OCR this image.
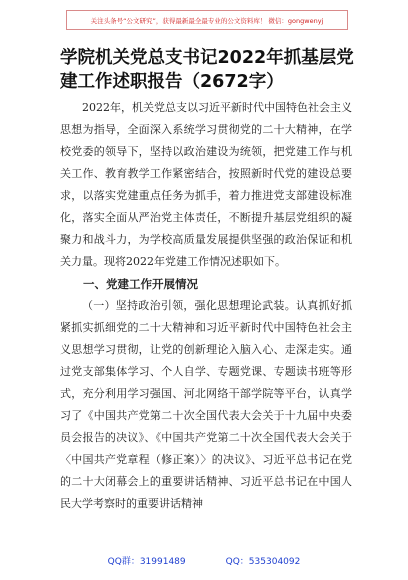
关注头条号“公文研究”，获得最新最全最专业的公文资料库！ 微信：gongwenyj
学院机关党总支书记2022年抓基层党建工作述职报告（2672字）

2022年，机关党总支以习近平新时代中国特色社会主义思想为指导，全面深入系统学习贯彻党的二十大精神，在学校党委的领导下，坚持以政治建设为统领，把党建工作与机关工作、教育教学工作紧密结合，按照新时代党的建设总要求，以落实党建重点任务为抓手，着力推进党支部建设标准化，落实全面从严治党主体责任，不断提升基层党组织的凝聚力和战斗力，为学校高质量发展提供坚强的政治保证和机关力量。现将2022年党建工作情况述职如下。

一、党建工作开展情况

（一）坚持政治引领，强化思想理论武装。认真抓好抓紧抓实抓细党的二十大精神和习近平新时代中国特色社会主义思想学习贯彻，让党的创新理论入脑入心、走深走实。通过党支部集体学习、个人自学、专题党课、专题读书班等形式，充分利用学习强国、河北网络干部学院等平台，认真学习了《中国共产党第二十次全国代表大会关于十九届中央委员会报告的决议》、《中国共产党第二十次全国代表大会关于〈中国共产党章程（修正案）〉的决议》、习近平总书记在党的二十大闭幕会上的重要讲话精神、习近平总书记在中国人民大学考察时的重要讲话精神

QQ群：31991489	QQ：535304092
